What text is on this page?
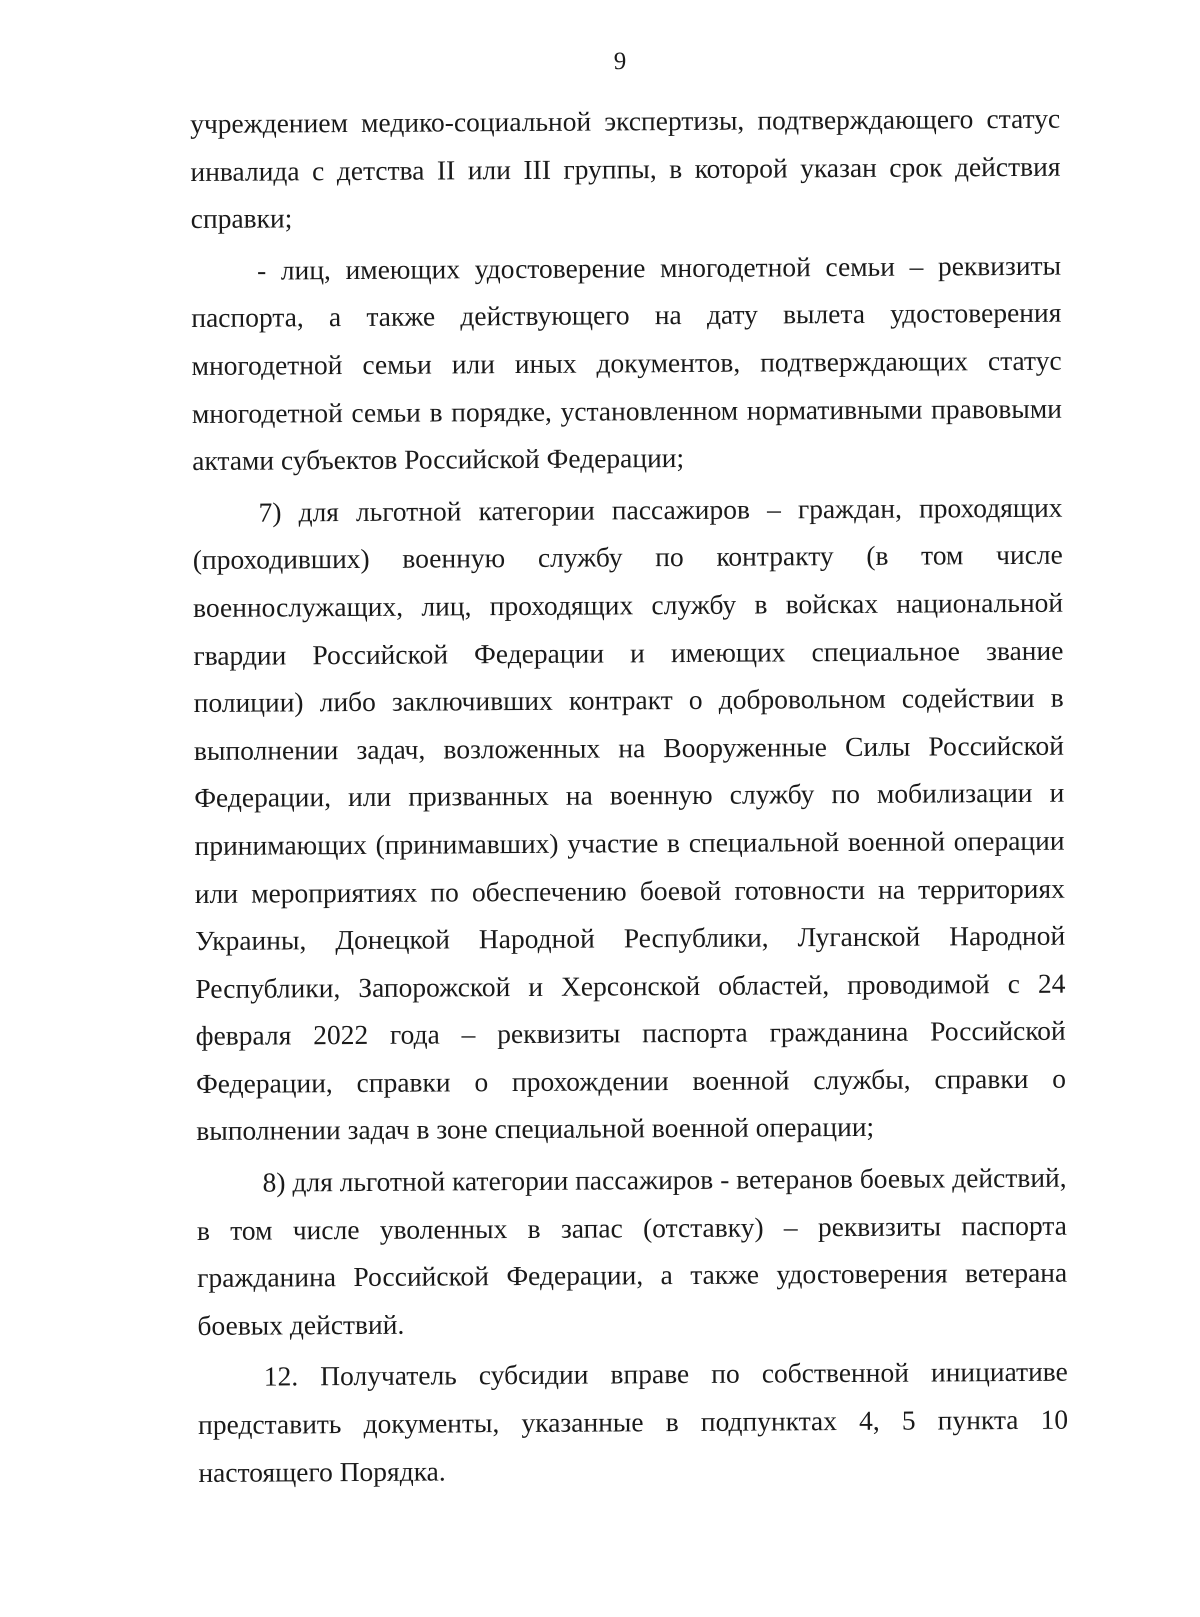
9

учреждением медико-социальной экспертизы, подтверждающего статус инвалида с детства II или III группы, в которой указан срок действия справки;

- лиц, имеющих удостоверение многодетной семьи – реквизиты паспорта, а также действующего на дату вылета удостоверения многодетной семьи или иных документов, подтверждающих статус многодетной семьи в порядке, установленном нормативными правовыми актами субъектов Российской Федерации;

7) для льготной категории пассажиров – граждан, проходящих (проходивших) военную службу по контракту (в том числе военнослужащих, лиц, проходящих службу в войсках национальной гвардии Российской Федерации и имеющих специальное звание полиции) либо заключивших контракт о добровольном содействии в выполнении задач, возложенных на Вооруженные Силы Российской Федерации, или призванных на военную службу по мобилизации и принимающих (принимавших) участие в специальной военной операции или мероприятиях по обеспечению боевой готовности на территориях Украины, Донецкой Народной Республики, Луганской Народной Республики, Запорожской и Херсонской областей, проводимой с 24 февраля 2022 года – реквизиты паспорта гражданина Российской Федерации, справки о прохождении военной службы, справки о выполнении задач в зоне специальной военной операции;

8) для льготной категории пассажиров - ветеранов боевых действий, в том числе уволенных в запас (отставку) – реквизиты паспорта гражданина Российской Федерации, а также удостоверения ветерана боевых действий.

12. Получатель субсидии вправе по собственной инициативе представить документы, указанные в подпунктах 4, 5 пункта 10 настоящего Порядка.
